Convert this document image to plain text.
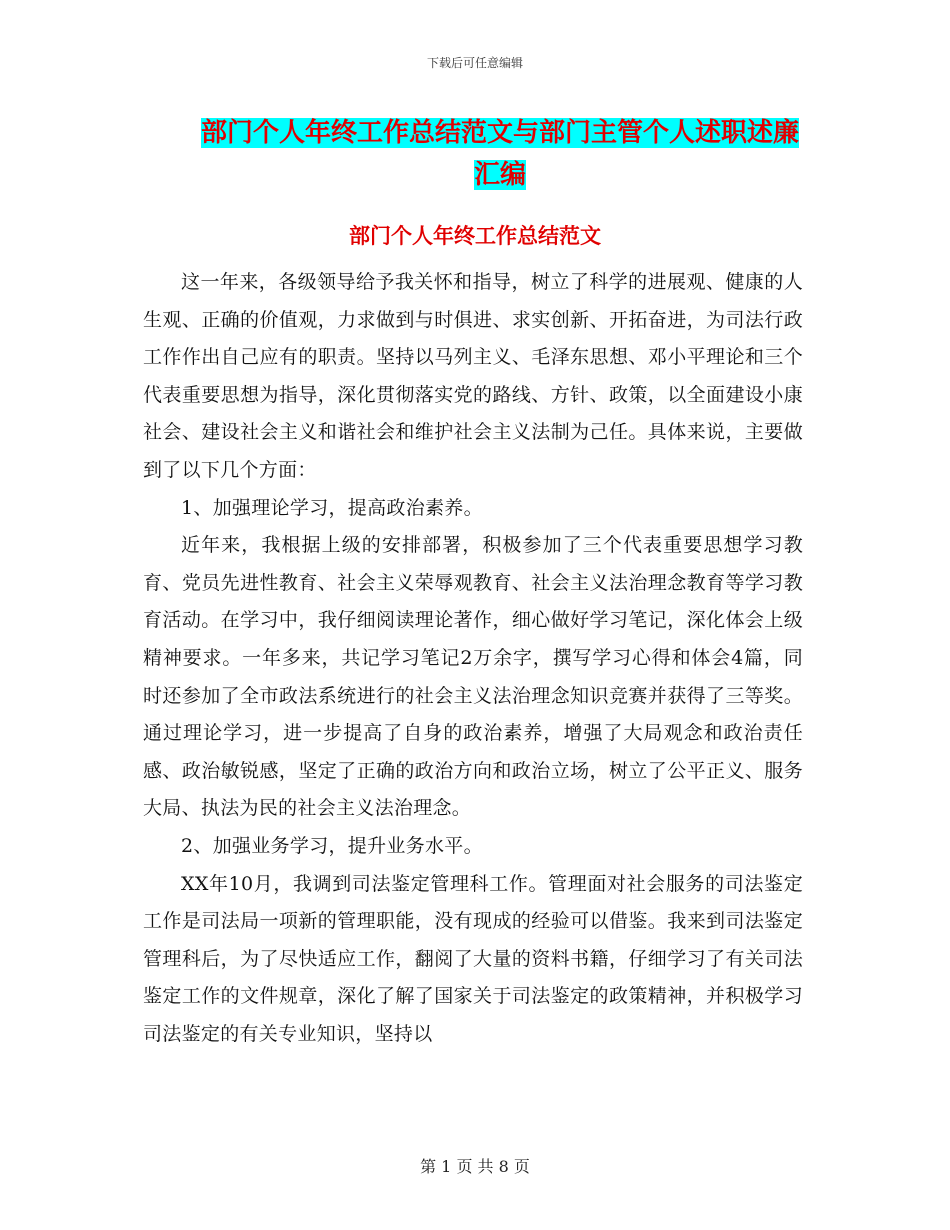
下载后可任意编辑
部门个人年终工作总结范文与部门主管个人述职述廉汇编
部门个人年终工作总结范文

这一年来，各级领导给予我关怀和指导，树立了科学的进展观、健康的人生观、正确的价值观，力求做到与时俱进、求实创新、开拓奋进，为司法行政工作作出自己应有的职责。坚持以马列主义、毛泽东思想、邓小平理论和三个代表重要思想为指导，深化贯彻落实党的路线、方针、政策，以全面建设小康社会、建设社会主义和谐社会和维护社会主义法制为己任。具体来说，主要做到了以下几个方面：

1、加强理论学习，提高政治素养。

近年来，我根据上级的安排部署，积极参加了三个代表重要思想学习教育、党员先进性教育、社会主义荣辱观教育、社会主义法治理念教育等学习教育活动。在学习中，我仔细阅读理论著作，细心做好学习笔记，深化体会上级精神要求。一年多来，共记学习笔记2万余字，撰写学习心得和体会4篇，同时还参加了全市政法系统进行的社会主义法治理念知识竞赛并获得了三等奖。通过理论学习，进一步提高了自身的政治素养，增强了大局观念和政治责任感、政治敏锐感，坚定了正确的政治方向和政治立场，树立了公平正义、服务大局、执法为民的社会主义法治理念。

2、加强业务学习，提升业务水平。

XX年10月，我调到司法鉴定管理科工作。管理面对社会服务的司法鉴定工作是司法局一项新的管理职能，没有现成的经验可以借鉴。我来到司法鉴定管理科后，为了尽快适应工作，翻阅了大量的资料书籍，仔细学习了有关司法鉴定工作的文件规章，深化了解了国家关于司法鉴定的政策精神，并积极学习司法鉴定的有关专业知识，坚持以

第 1 页 共 8 页
